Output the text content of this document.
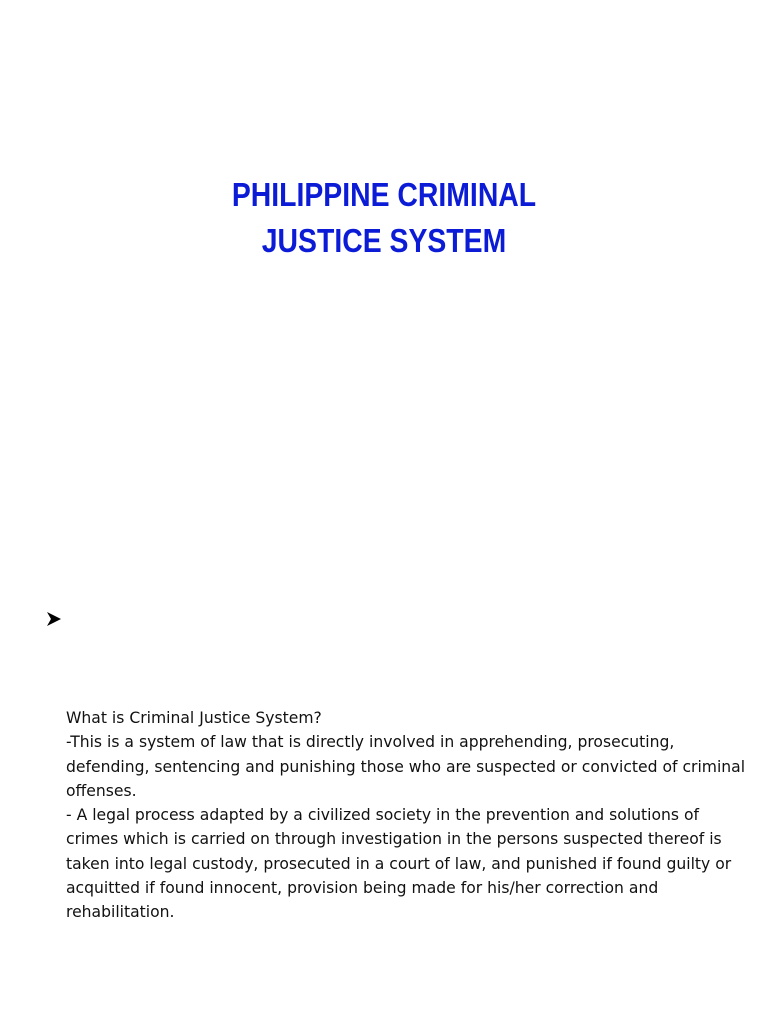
PHILIPPINE CRIMINAL
JUSTICE SYSTEM

What is Criminal Justice System?

-This is a system of law that is directly involved in apprehending, prosecuting, defending, sentencing and punishing those who are suspected or convicted of criminal offenses.

- A legal process adapted by a civilized society in the prevention and solutions of crimes which is carried on through investigation in the persons suspected thereof is taken into legal custody, prosecuted in a court of law, and punished if found guilty or acquitted if found innocent, provision being made for his/her correction and rehabilitation.
